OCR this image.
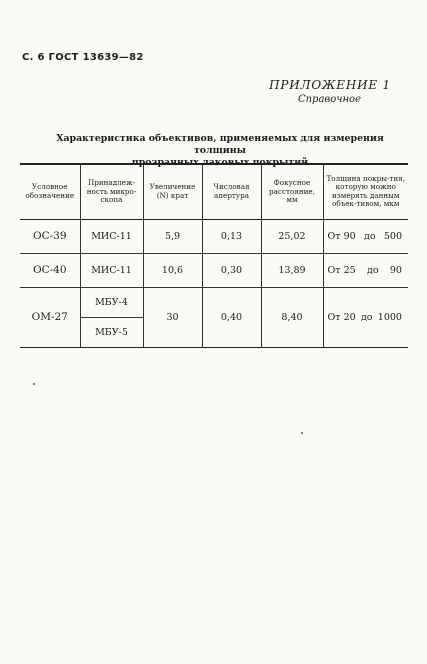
С. 6 ГОСТ 13639—82
ПРИЛОЖЕНИЕ 1
Справочное
Характеристика объективов, применяемых для измерения толщины
прозрачных лаковых покрытий
Условное обозначение	Принадлеж-ность микро-скопа	Увеличение (N) крат	Числовая апертура	Фокусное расстояние, мм	Толщина покры-тия, которую можно измерять данным объек-тивом, мкм
ОС-39	МИС-11	5,9	0,13	25,02	От 90 до 500

ОС-40	МИС-11	10,6	0,30	13,89	От 25 до 90

ОМ-27	МБУ-4	30	0,40	8,40	От 20 до 1000

	МБУ-5				
